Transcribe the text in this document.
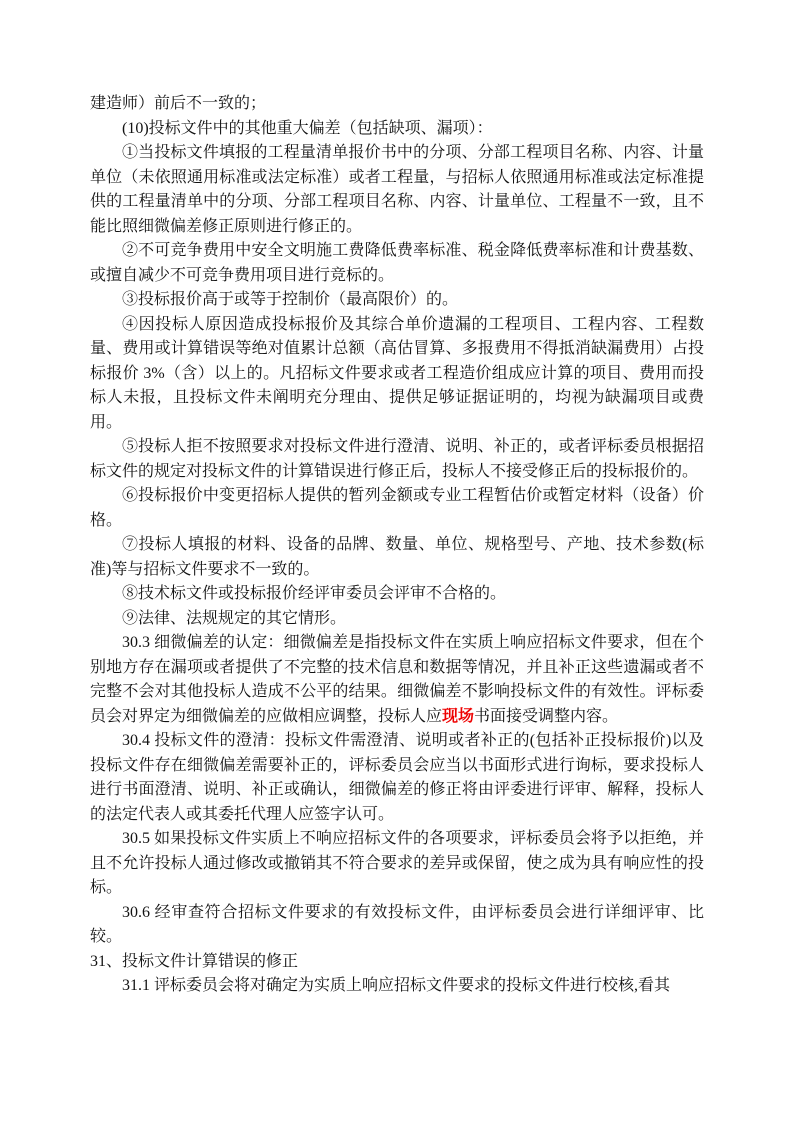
建造师）前后不一致的；

(10)投标文件中的其他重大偏差（包括缺项、漏项）：

①当投标文件填报的工程量清单报价书中的分项、分部工程项目名称、内容、计量单位（未依照通用标准或法定标准）或者工程量，与招标人依照通用标准或法定标准提供的工程量清单中的分项、分部工程项目名称、内容、计量单位、工程量不一致，且不能比照细微偏差修正原则进行修正的。

②不可竞争费用中安全文明施工费降低费率标准、税金降低费率标准和计费基数、或擅自减少不可竞争费用项目进行竞标的。

③投标报价高于或等于控制价（最高限价）的。

④因投标人原因造成投标报价及其综合单价遗漏的工程项目、工程内容、工程数量、费用或计算错误等绝对值累计总额（高估冒算、多报费用不得抵消缺漏费用）占投标报价 3%（含）以上的。凡招标文件要求或者工程造价组成应计算的项目、费用而投标人未报，且投标文件未阐明充分理由、提供足够证据证明的，均视为缺漏项目或费用。

⑤投标人拒不按照要求对投标文件进行澄清、说明、补正的，或者评标委员根据招标文件的规定对投标文件的计算错误进行修正后，投标人不接受修正后的投标报价的。

⑥投标报价中变更招标人提供的暂列金额或专业工程暂估价或暂定材料（设备）价格。

⑦投标人填报的材料、设备的品牌、数量、单位、规格型号、产地、技术参数(标准)等与招标文件要求不一致的。

⑧技术标文件或投标报价经评审委员会评审不合格的。

⑨法律、法规规定的其它情形。

30.3 细微偏差的认定：细微偏差是指投标文件在实质上响应招标文件要求，但在个别地方存在漏项或者提供了不完整的技术信息和数据等情况，并且补正这些遗漏或者不完整不会对其他投标人造成不公平的结果。细微偏差不影响投标文件的有效性。评标委员会对界定为细微偏差的应做相应调整，投标人应现场书面接受调整内容。

30.4 投标文件的澄清：投标文件需澄清、说明或者补正的(包括补正投标报价)以及投标文件存在细微偏差需要补正的，评标委员会应当以书面形式进行询标，要求投标人进行书面澄清、说明、补正或确认，细微偏差的修正将由评委进行评审、解释，投标人的法定代表人或其委托代理人应签字认可。

30.5 如果投标文件实质上不响应招标文件的各项要求，评标委员会将予以拒绝，并且不允许投标人通过修改或撤销其不符合要求的差异或保留，使之成为具有响应性的投标。

30.6 经审查符合招标文件要求的有效投标文件，由评标委员会进行详细评审、比较。

31、投标文件计算错误的修正

31.1 评标委员会将对确定为实质上响应招标文件要求的投标文件进行校核,看其
